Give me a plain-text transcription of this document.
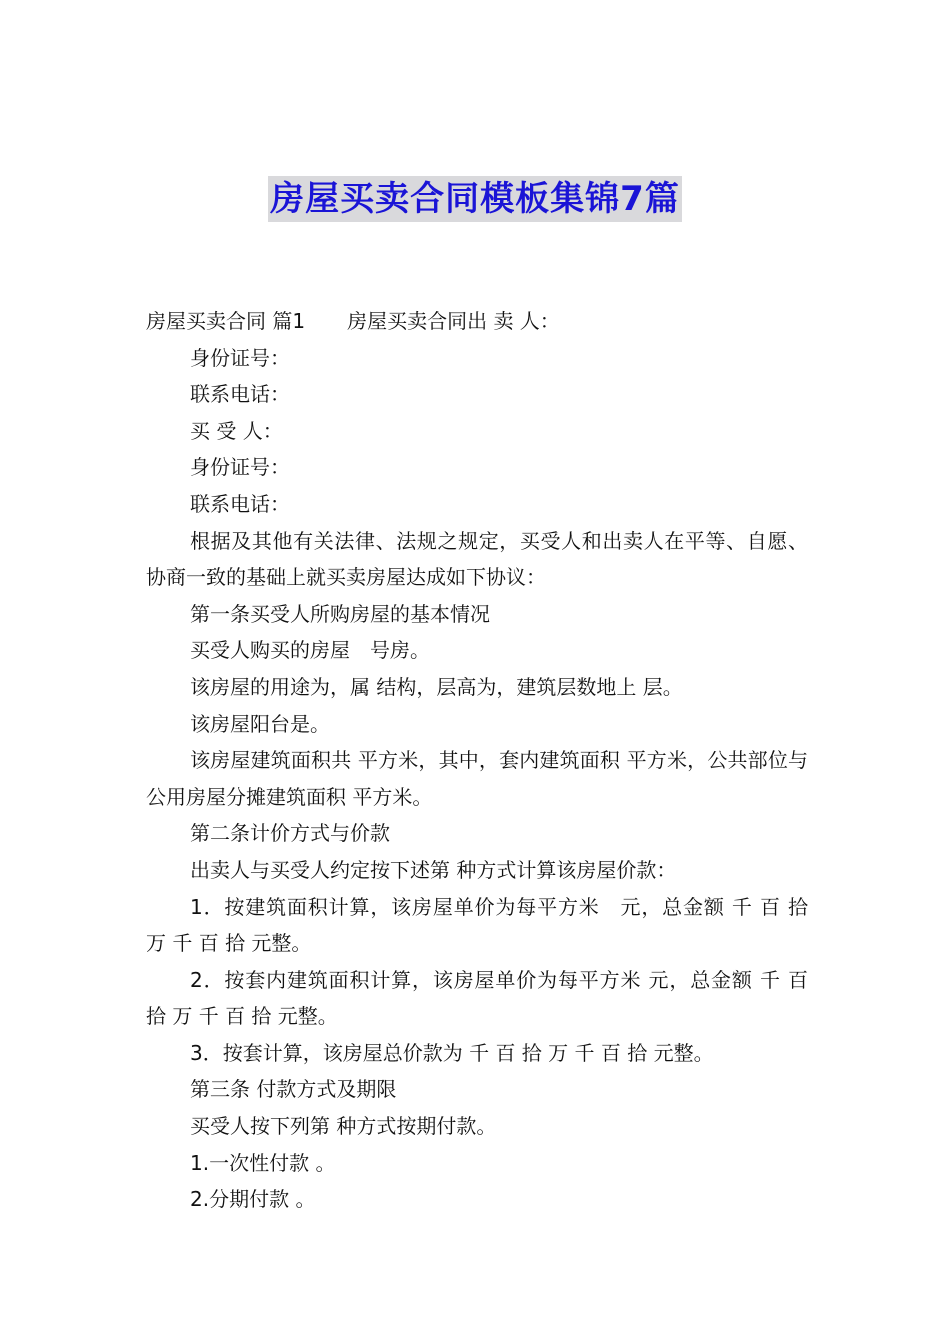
房屋买卖合同模板集锦7篇

房屋买卖合同 篇1 房屋买卖合同出 卖 人：

身份证号：

联系电话：

买 受 人：

身份证号：

联系电话：

根据及其他有关法律、法规之规定，买受人和出卖人在平等、自愿、协商一致的基础上就买卖房屋达成如下协议：

第一条买受人所购房屋的基本情况

买受人购买的房屋　号房。

该房屋的用途为，属 结构，层高为，建筑层数地上 层。

该房屋阳台是。

该房屋建筑面积共 平方米，其中，套内建筑面积 平方米，公共部位与公用房屋分摊建筑面积 平方米。

第二条计价方式与价款

出卖人与买受人约定按下述第 种方式计算该房屋价款：

1．按建筑面积计算，该房屋单价为每平方米　元，总金额 千 百 拾 万 千 百 拾 元整。

2．按套内建筑面积计算，该房屋单价为每平方米 元，总金额 千 百 拾 万 千 百 拾 元整。

3．按套计算，该房屋总价款为 千 百 拾 万 千 百 拾 元整。

第三条 付款方式及期限

买受人按下列第 种方式按期付款。

1.一次性付款 。

2.分期付款 。
